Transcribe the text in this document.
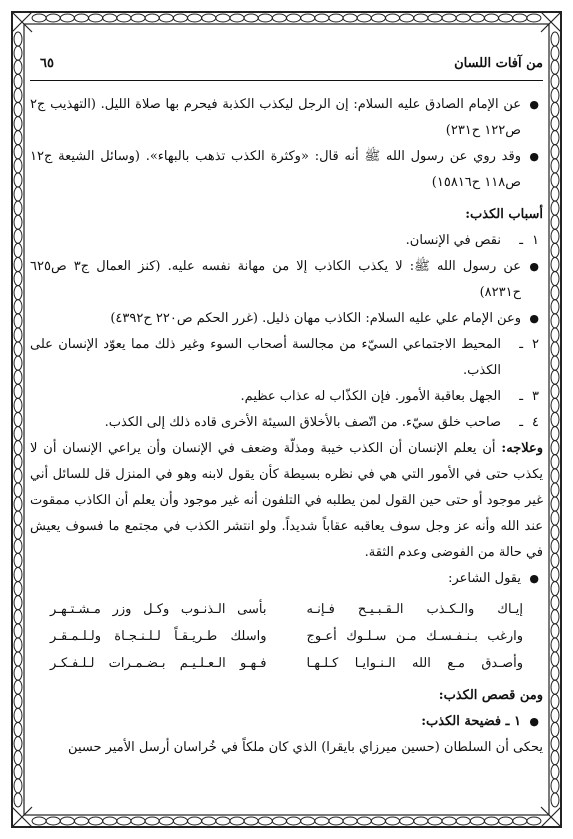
من آفات اللسان
٦٥

● عن الإمام الصادق عليه السلام: إن الرجل ليكذب الكذبة فيحرم بها صلاة الليل. (التهذيب ج٢ ص١٢٢ ح٢٣١)

● وقد روي عن رسول الله ﷺ أنه قال: «وكثرة الكذب تذهب بالبهاء». (وسائل الشيعة ج١٢ ص١١٨ ح١٥٨١٦)

أسباب الكذب:

١
ـ
نقص في الإنسان.

● عن رسول الله ﷺ: لا يكذب الكاذب إلا من مهانة نفسه عليه. (كنز العمال ج٣ ص٦٢٥ ح٨٢٣١)

● وعن الإمام علي عليه السلام: الكاذب مهان ذليل. (غرر الحكم ص٢٢٠ ح٤٣٩٢)

٢
ـ
المحيط الاجتماعي السيّء من مجالسة أصحاب السوء وغير ذلك مما يعوّد الإنسان على الكذب.

٣
ـ
الجهل بعاقبة الأمور. فإن الكذّاب له عذاب عظيم.

٤
ـ
صاحب خلق سيّء. من اتّصف بالأخلاق السيئة الأخرى قاده ذلك إلى الكذب.

وعلاجه: أن يعلم الإنسان أن الكذب خيبة ومذلّة وضعف في الإنسان وأن يراعي الإنسان أن لا يكذب حتى في الأمور التي هي في نظره بسيطة كأن يقول لابنه وهو في المنزل قل للسائل أني غير موجود أو حتى حين القول لمن يطلبه في التلفون أنه غير موجود وأن يعلم أن الكاذب ممقوت عند الله وأنه عز وجل سوف يعاقبه عقاباً شديداً. ولو انتشر الكذب في مجتمع ما فسوف يعيش في حالة من الفوضى وعدم الثقة.

● يقول الشاعر:

إيـاك والـكـذب الـقـبـيـح فـإنـه
بأسى الـذنـوب وكـل وزر مـشـتـهـر
وارغب بـنـفـسـك مـن سـلـوك أعـوج
واسلك طـريـقـاً لـلـنـجـاة ولـلـمـقـر
وأصـدق مـع الله الـنـوايـا كـلـهـا
فـهـو الـعـلـيـم بـضـمـرات لـلـفـكـر

ومن قصص الكذب:

● ١ ـ فضيحة الكذب:

يحكى أن السلطان (حسين ميرزاي بايقرا) الذي كان ملكاً في خُراسان أرسل الأمير حسين
